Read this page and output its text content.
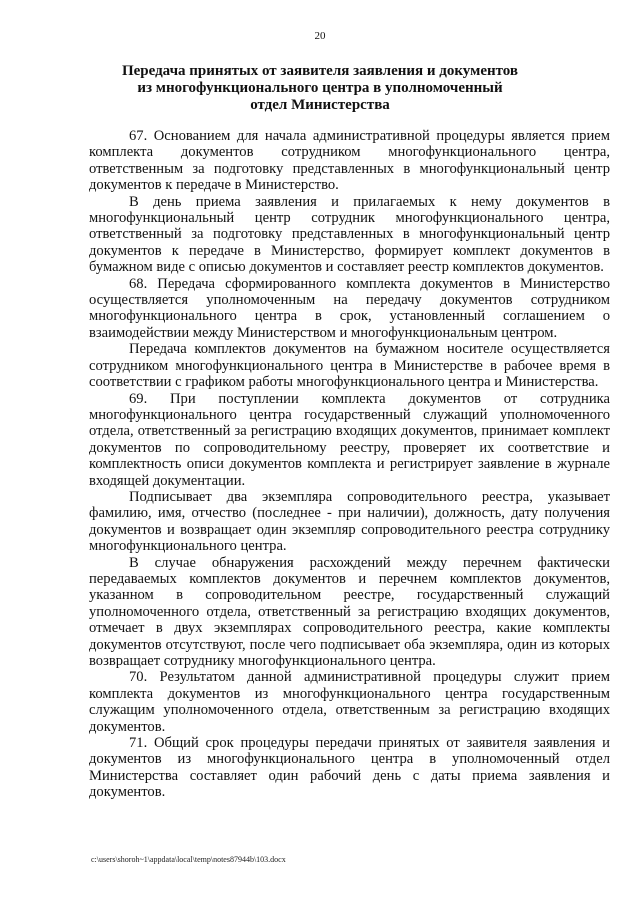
20
Передача принятых от заявителя заявления и документов из многофункционального центра в уполномоченный отдел Министерства

67. Основанием для начала административной процедуры является прием комплекта документов сотрудником многофункционального центра, ответственным за подготовку представленных в многофункциональный центр документов к передаче в Министерство.

В день приема заявления и прилагаемых к нему документов в многофункциональный центр сотрудник многофункционального центра, ответственный за подготовку представленных в многофункциональный центр документов к передаче в Министерство, формирует комплект документов в бумажном виде с описью документов и составляет реестр комплектов документов.

68. Передача сформированного комплекта документов в Министерство осуществляется уполномоченным на передачу документов сотрудником многофункционального центра в срок, установленный соглашением о взаимодействии между Министерством и многофункциональным центром.

Передача комплектов документов на бумажном носителе осуществляется сотрудником многофункционального центра в Министерстве в рабочее время в соответствии с графиком работы многофункционального центра и Министерства.

69. При поступлении комплекта документов от сотрудника многофункционального центра государственный служащий уполномоченного отдела, ответственный за регистрацию входящих документов, принимает комплект документов по сопроводительному реестру, проверяет их соответствие и комплектность описи документов комплекта и регистрирует заявление в журнале входящей документации.

Подписывает два экземпляра сопроводительного реестра, указывает фамилию, имя, отчество (последнее - при наличии), должность, дату получения документов и возвращает один экземпляр сопроводительного реестра сотруднику многофункционального центра.

В случае обнаружения расхождений между перечнем фактически передаваемых комплектов документов и перечнем комплектов документов, указанном в сопроводительном реестре, государственный служащий уполномоченного отдела, ответственный за регистрацию входящих документов, отмечает в двух экземплярах сопроводительного реестра, какие комплекты документов отсутствуют, после чего подписывает оба экземпляра, один из которых возвращает сотруднику многофункционального центра.

70. Результатом данной административной процедуры служит прием комплекта документов из многофункционального центра государственным служащим уполномоченного отдела, ответственным за регистрацию входящих документов.

71. Общий срок процедуры передачи принятых от заявителя заявления и документов из многофункционального центра в уполномоченный отдел Министерства составляет один рабочий день с даты приема заявления и документов.

c:\users\shoroh~1\appdata\local\temp\notes87944b\103.docx
